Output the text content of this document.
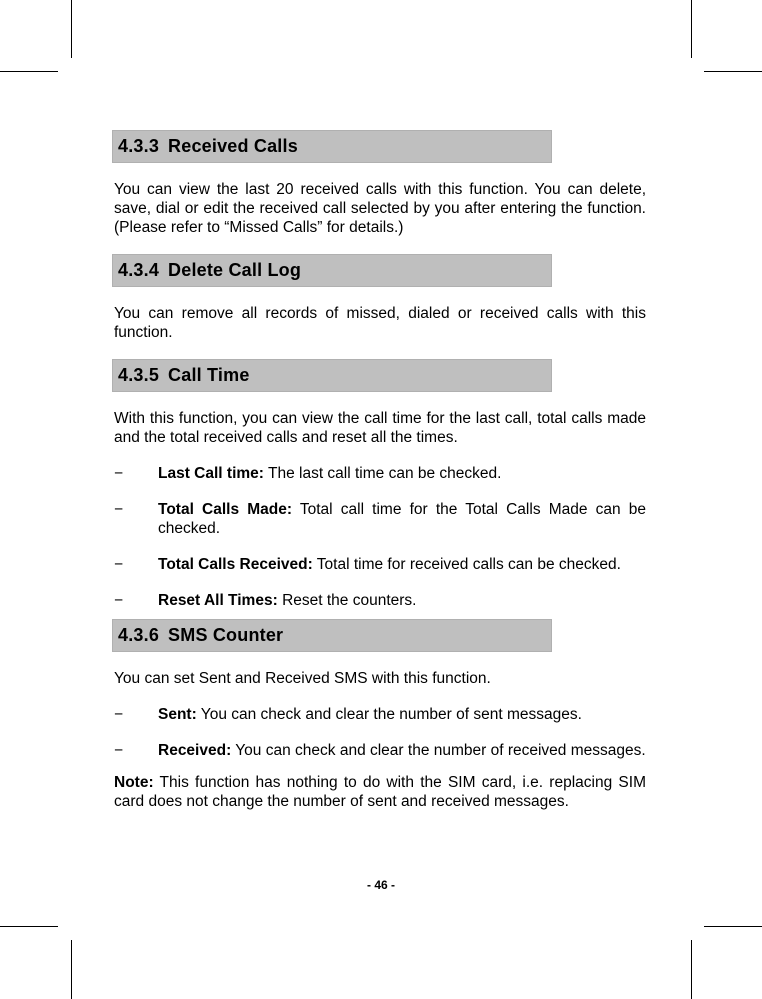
4.3.3 Received Calls

You can view the last 20 received calls with this function. You can delete, save, dial or edit the received call selected by you after entering the function. (Please refer to “Missed Calls” for details.)

4.3.4 Delete Call Log

You can remove all records of missed, dialed or received calls with this function.

4.3.5 Call Time

With this function, you can view the call time for the last call, total calls made and the total received calls and reset all the times.

− Last Call time: The last call time can be checked.
− Total Calls Made: Total call time for the Total Calls Made can be checked.
− Total Calls Received: Total time for received calls can be checked.
− Reset All Times: Reset the counters.
4.3.6 SMS Counter

You can set Sent and Received SMS with this function.

− Sent: You can check and clear the number of sent messages.
− Received: You can check and clear the number of received messages.

Note: This function has nothing to do with the SIM card, i.e. replacing SIM card does not change the number of sent and received messages.

- 46 -
